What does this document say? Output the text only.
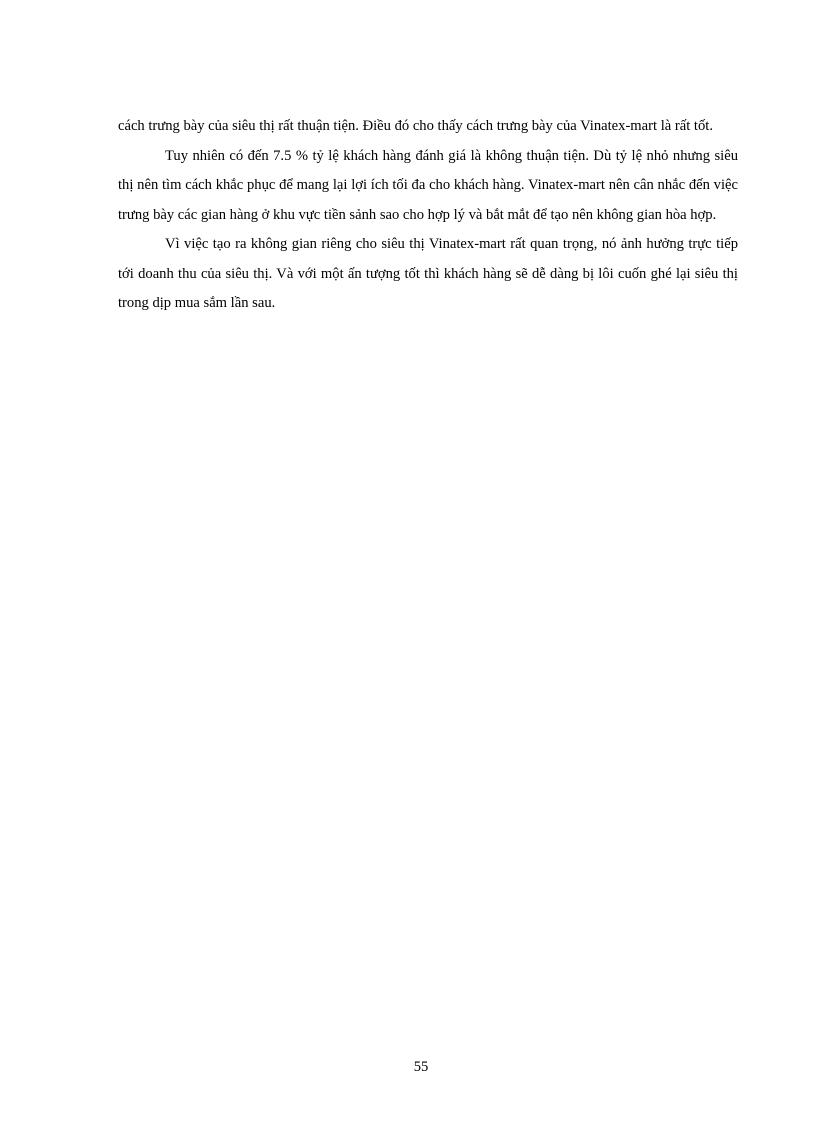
cách trưng bày của siêu thị rất thuận tiện. Điều đó cho thấy cách trưng bày của Vinatex-mart là rất tốt.

Tuy nhiên có đến 7.5 % tỷ lệ khách hàng đánh giá là không thuận tiện. Dù tỷ lệ nhỏ nhưng siêu thị nên tìm cách khắc phục để mang lại lợi ích tối đa cho khách hàng. Vinatex-mart nên cân nhắc đến việc trưng bày các gian hàng ở khu vực tiền sảnh sao cho hợp lý và bắt mắt để tạo nên không gian hòa hợp.

Vì việc tạo ra không gian riêng cho siêu thị Vinatex-mart rất quan trọng, nó ảnh hưởng trực tiếp tới doanh thu của siêu thị. Và với một ấn tượng tốt thì khách hàng sẽ dễ dàng bị lôi cuốn ghé lại siêu thị trong dịp mua sắm lần sau.

55
